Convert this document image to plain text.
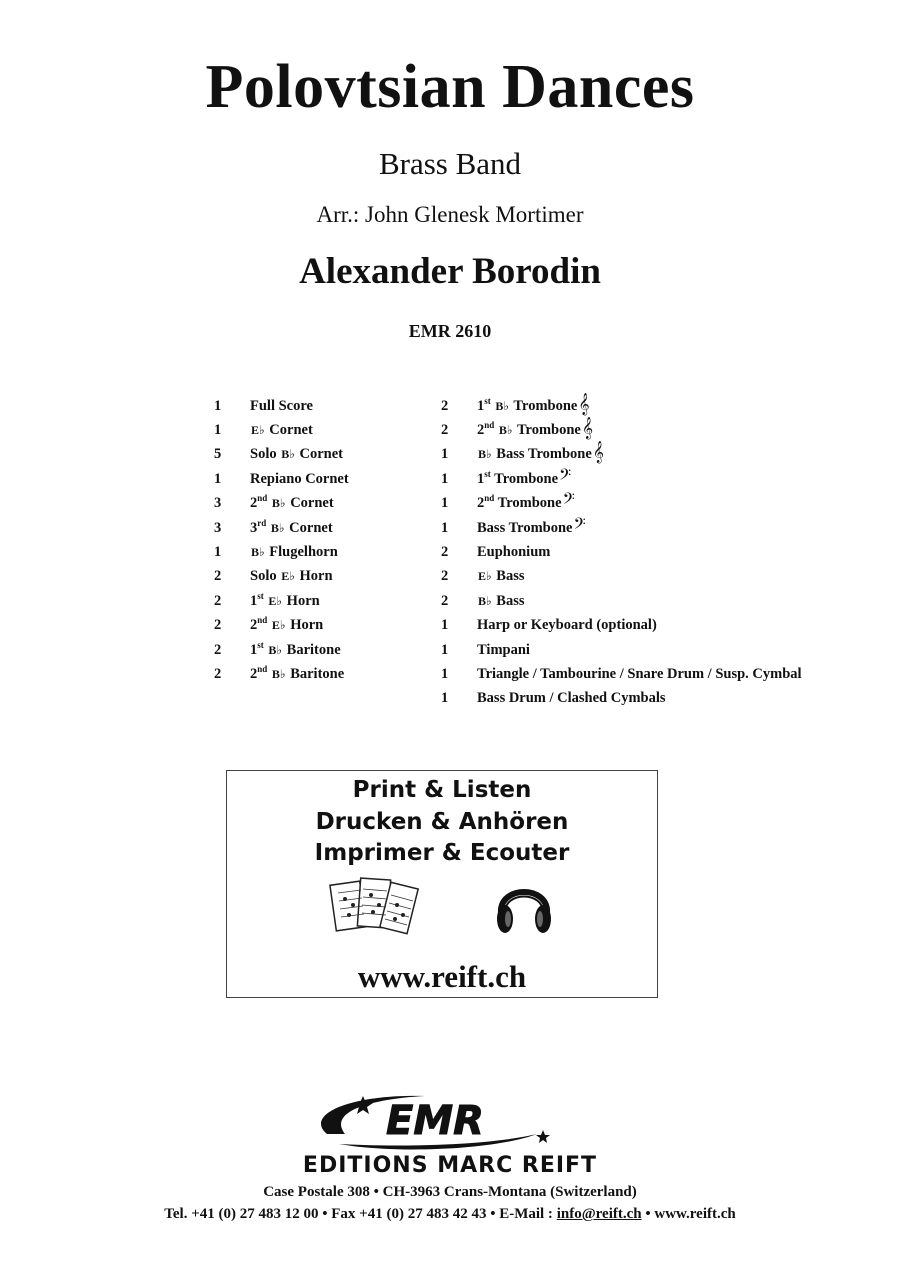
Polovtsian Dances
Brass Band
Arr.: John Glenesk Mortimer
Alexander Borodin
EMR 2610
1	Full Score
1	E♭ Cornet
5	Solo B♭ Cornet
1	Repiano Cornet
3	2nd B♭ Cornet
3	3rd B♭ Cornet
1	B♭ Flugelhorn
2	Solo E♭ Horn
2	1st E♭ Horn
2	2nd E♭ Horn
2	1st B♭ Baritone
2	2nd B♭ Baritone
2	1st B♭ Trombone𝄞
2	2nd B♭ Trombone𝄞
1	B♭ Bass Trombone𝄞
1	1st Trombone𝄢
1	2nd Trombone𝄢
1	Bass Trombone𝄢
2	Euphonium
2	E♭ Bass
2	B♭ Bass
1	Harp or Keyboard (optional)
1	Timpani
1	Triangle / Tambourine / Snare Drum / Susp. Cymbal
1	Bass Drum / Clashed Cymbals
Print & Listen
Drucken & Anhören
Imprimer & Ecouter
www.reift.ch
EMR
EDITIONS MARC REIFT
Case Postale 308 • CH-3963 Crans-Montana (Switzerland)
Tel. +41 (0) 27 483 12 00 • Fax +41 (0) 27 483 42 43 • E-Mail : info@reift.ch • www.reift.ch
